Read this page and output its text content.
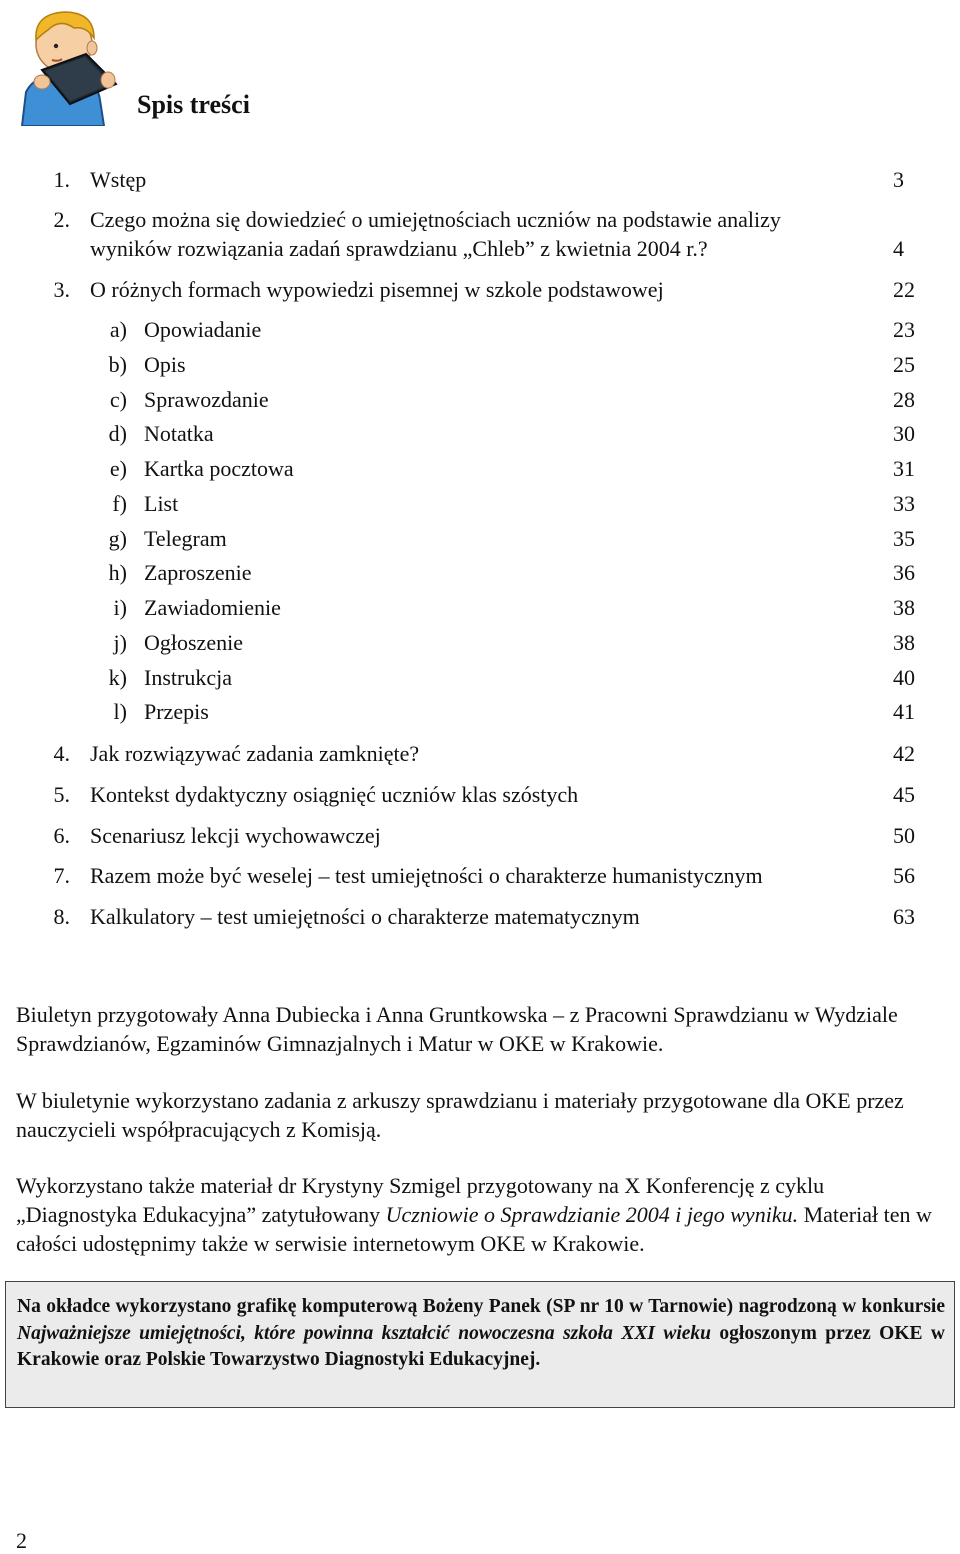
Spis treści
1. Wstęp	3
2. Czego można się dowiedzieć o umiejętnościach uczniów na podstawie analizy
wyników rozwiązania zadań sprawdzianu „Chleb” z kwietnia 2004 r.?	4
3. O różnych formach wypowiedzi pisemnej w szkole podstawowej	22
a) Opowiadanie	23
b) Opis	25
c) Sprawozdanie	28
d) Notatka	30
e) Kartka pocztowa	31
f) List	33
g) Telegram	35
h) Zaproszenie	36
i) Zawiadomienie	38
j) Ogłoszenie	38
k) Instrukcja	40
l) Przepis	41
4. Jak rozwiązywać zadania zamknięte?	42
5. Kontekst dydaktyczny osiągnięć uczniów klas szóstych	45
6. Scenariusz lekcji wychowawczej	50
7. Razem może być weselej – test umiejętności o charakterze humanistycznym	56
8. Kalkulatory – test umiejętności o charakterze matematycznym	63

Biuletyn przygotowały Anna Dubiecka i Anna Gruntkowska – z Pracowni Sprawdzianu w Wydziale Sprawdzianów, Egzaminów Gimnazjalnych i Matur w OKE w Krakowie.

W biuletynie wykorzystano zadania z arkuszy sprawdzianu i materiały przygotowane dla OKE przez nauczycieli współpracujących z Komisją.

Wykorzystano także materiał dr Krystyny Szmigel przygotowany na X Konferencję z cyklu „Diagnostyka Edukacyjna” zatytułowany Uczniowie o Sprawdzianie 2004 i jego wyniku. Materiał ten w całości udostępnimy także w serwisie internetowym OKE w Krakowie.

Na okładce wykorzystano grafikę komputerową Bożeny Panek (SP nr 10 w Tarnowie) nagrodzoną w konkursie Najważniejsze umiejętności, które powinna kształcić nowoczesna szkoła XXI wieku ogłoszonym przez OKE w Krakowie oraz Polskie Towarzystwo Diagnostyki Edukacyjnej.

2
